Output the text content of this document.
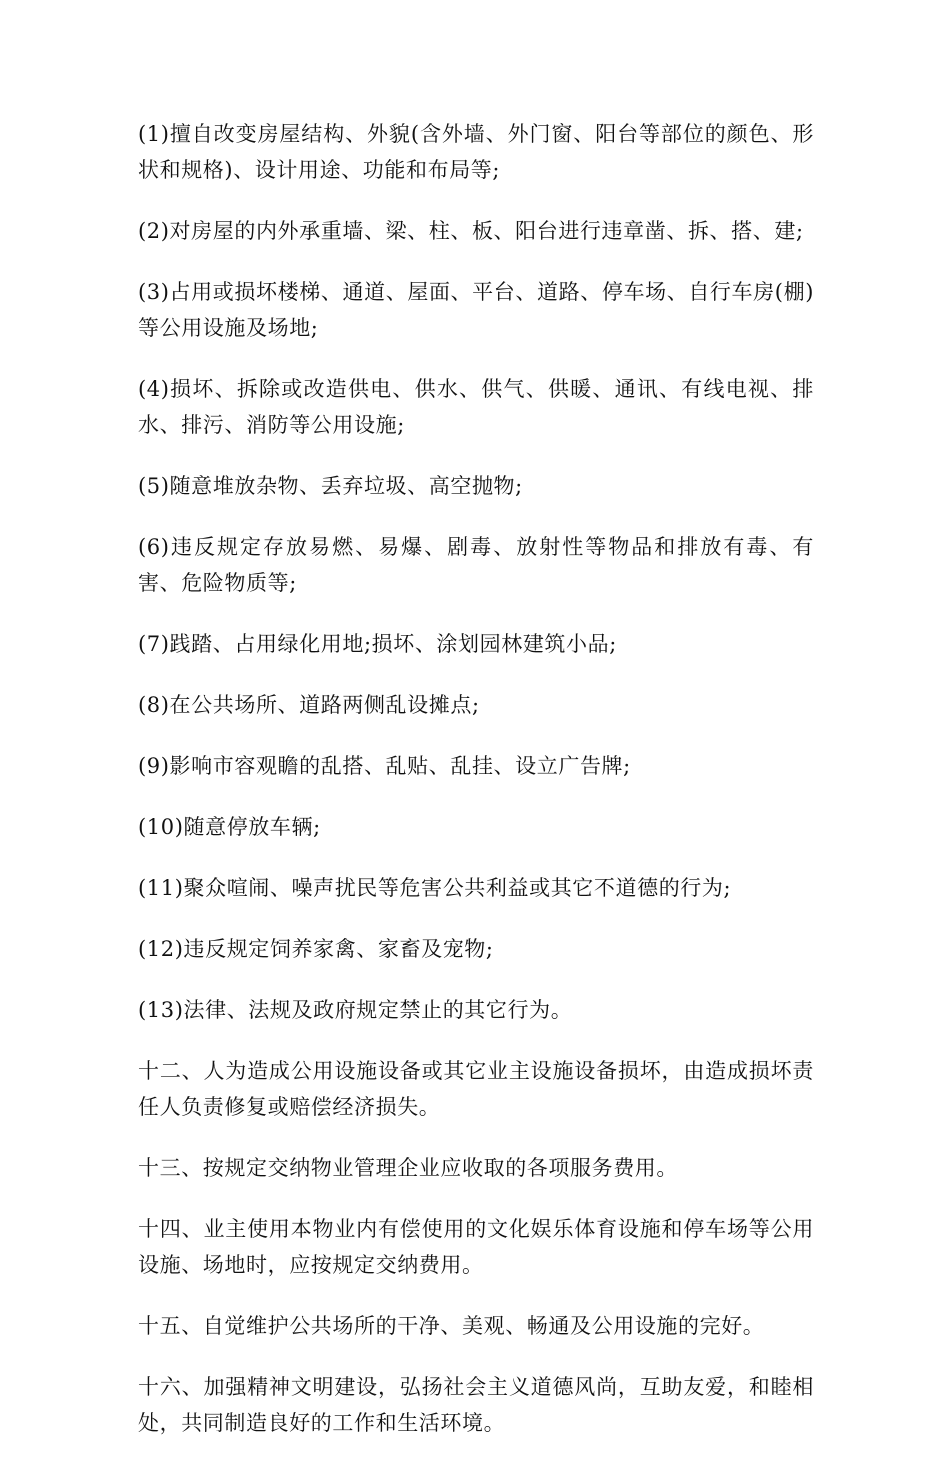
(1)擅自改变房屋结构、外貌(含外墙、外门窗、阳台等部位的颜色、形状和规格)、设计用途、功能和布局等;

(2)对房屋的内外承重墙、梁、柱、板、阳台进行违章凿、拆、搭、建;

(3)占用或损坏楼梯、通道、屋面、平台、道路、停车场、自行车房(棚)等公用设施及场地;

(4)损坏、拆除或改造供电、供水、供气、供暖、通讯、有线电视、排水、排污、消防等公用设施;

(5)随意堆放杂物、丢弃垃圾、高空抛物;

(6)违反规定存放易燃、易爆、剧毒、放射性等物品和排放有毒、有害、危险物质等;

(7)践踏、占用绿化用地;损坏、涂划园林建筑小品;

(8)在公共场所、道路两侧乱设摊点;

(9)影响市容观瞻的乱搭、乱贴、乱挂、设立广告牌;

(10)随意停放车辆;

(11)聚众喧闹、噪声扰民等危害公共利益或其它不道德的行为;

(12)违反规定饲养家禽、家畜及宠物;

(13)法律、法规及政府规定禁止的其它行为。

十二、人为造成公用设施设备或其它业主设施设备损坏，由造成损坏责任人负责修复或赔偿经济损失。

十三、按规定交纳物业管理企业应收取的各项服务费用。

十四、业主使用本物业内有偿使用的文化娱乐体育设施和停车场等公用设施、场地时，应按规定交纳费用。

十五、自觉维护公共场所的干净、美观、畅通及公用设施的完好。

十六、加强精神文明建设，弘扬社会主义道德风尚，互助友爱，和睦相处，共同制造良好的工作和生活环境。
